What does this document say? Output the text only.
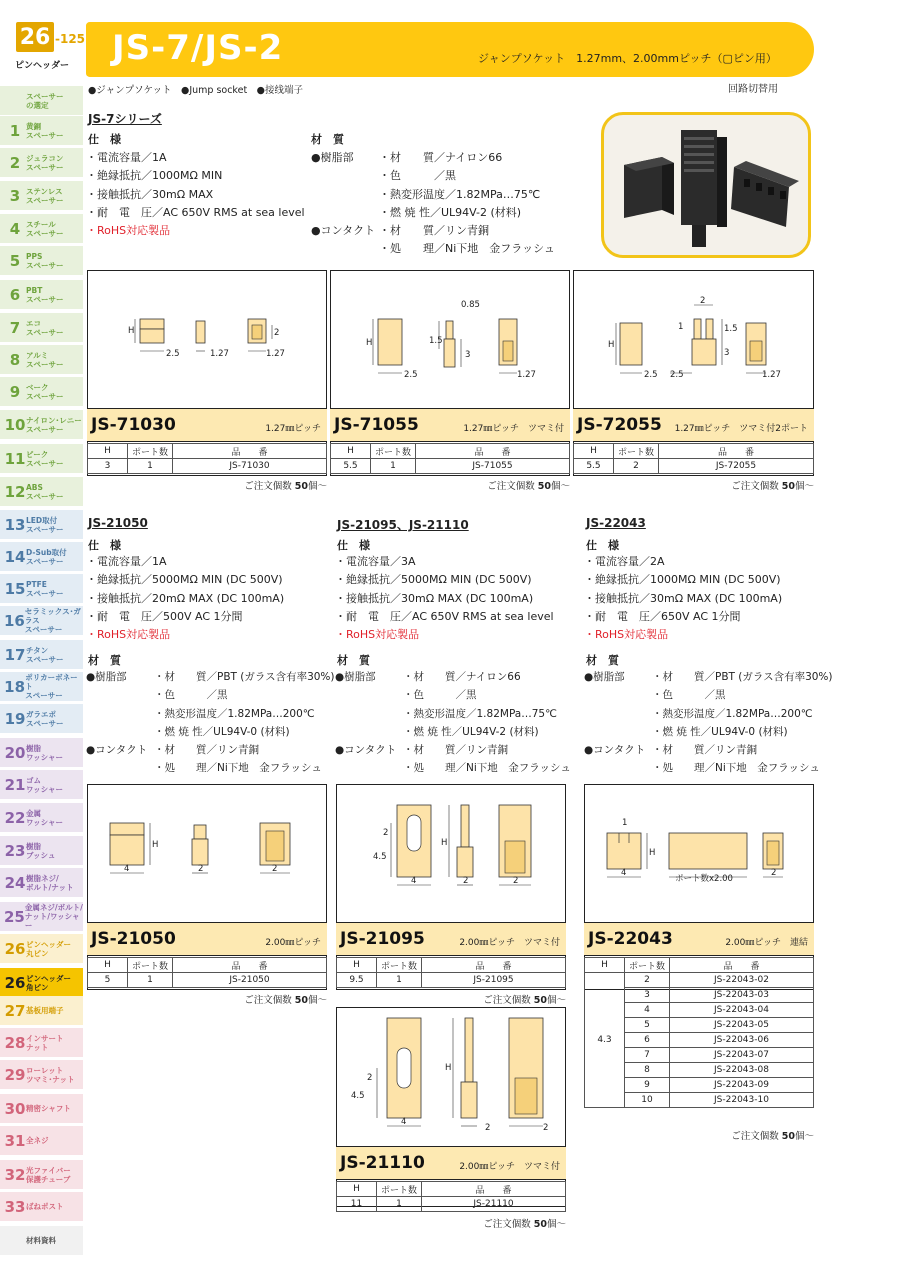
26 -125
ピンヘッダー
スペーサー
の選定
1 黄銅
スペーサー
2 ジュラコン
スペーサー
3 ステンレス
スペーサー
4 スチール
スペーサー
5 PPS
スペーサー
6 PBT
スペーサー
7 エコ
スペーサー
8 アルミ
スペーサー
9 ベーク
スペーサー
10 ナイロン･レニー
スペーサー
11 ピーク
スペーサー
12 ABS
スペーサー
13 LED取付
スペーサー
14 D-Sub取付
スペーサー
15 PTFE
スペーサー
16 セラミックス･ガラス
スペーサー
17 チタン
スペーサー
18 ポリカーボネート
スペーサー
19 ガラエポ
スペーサー
20 樹脂
ワッシャー
21 ゴム
ワッシャー
22 金属
ワッシャー
23 樹脂
ブッシュ
24 樹脂ネジ/
ボルト/ナット
25 金属ネジ/ボルト/
ナット/ワッシャー
26 ピンヘッダー
丸ピン
26 ピンヘッダー
角ピン
27 基板用端子
28 インサート
ナット
29 ローレット
ツマミ･ナット
30 精密シャフト
31 全ネジ
32 光ファイバー
保護チューブ
33 ばねポスト
材料資料
JS-7/JS-2	ジャンプソケット　1.27mm、2.00mmピッチ（▢ピン用）
●ジャンプソケット　●Jump socket　●接线端子	回路切替用
JS-7シリーズ
仕　様	材　質
・電流容量／1A
・絶縁抵抗／1000MΩ MIN
・接触抵抗／30mΩ MAX
・耐　電　圧／AC 650V RMS at sea level
・RoHS対応製品
●樹脂部	・材　　質／ナイロン66
・色　　　／黒
・熱変形温度／1.82MPa…75℃
・燃 焼 性／UL94V-2 (材料)
●コンタクト ・材　　質／リン青銅
・処　　理／Ni下地　金フラッシュ
H
2.5	1.27
2
1.27
H
2.5
0.85
1.5
3
1.27
H
2.5
2
1	1.5
3
2.5	1.27
JS-71030	1.27㎜ピッチ JS-71055	1.27㎜ピッチ　ツマミ付 JS-72055 1.27㎜ピッチ　ツマミ付2ポート
H	ポート数	品　　番
3	1	JS-71030
H	ポート数	品　　番
5.5	1	JS-71055
H	ポート数	品　　番
5.5	2	JS-72055
ご注文個数 50個～	ご注文個数 50個～	ご注文個数 50個～
JS-21050
仕　様
・電流容量／1A
・絶縁抵抗／5000MΩ MIN (DC 500V)
・接触抵抗／20mΩ MAX (DC 100mA)
・耐　電　圧／500V AC 1分間
・RoHS対応製品
材　質
●樹脂部	・材　　質／PBT (ガラス含有率30%)
・色　　　／黒
・熱変形温度／1.82MPa…200℃
・燃 焼 性／UL94V-0 (材料)
●コンタクト ・材　　質／リン青銅
・処　　理／Ni下地　金フラッシュ
JS-21095、JS-21110
仕　様
・電流容量／3A
・絶縁抵抗／5000MΩ MIN (DC 500V)
・接触抵抗／30mΩ MAX (DC 100mA)
・耐　電　圧／AC 650V RMS at sea level
・RoHS対応製品
材　質
●樹脂部	・材　　質／ナイロン66
・色　　　／黒
・熱変形温度／1.82MPa…75℃
・燃 焼 性／UL94V-2 (材料)
●コンタクト ・材　　質／リン青銅
・処　　理／Ni下地　金フラッシュ
JS-22043
仕　様
・電流容量／2A
・絶縁抵抗／1000MΩ MIN (DC 500V)
・接触抵抗／30mΩ MAX (DC 100mA)
・耐　電　圧／650V AC 1分間
・RoHS対応製品
材　質
●樹脂部	・材　　質／PBT (ガラス含有率30%)
・色　　　／黒
・熱変形温度／1.82MPa…200℃
・燃 焼 性／UL94V-0 (材料)
●コンタクト ・材　　質／リン青銅
・処　　理／Ni下地　金フラッシュ
H
4	2	2
4.5
2
4
H
2	2
1
H
4
ポート数x2.00
2
JS-21050	2.00㎜ピッチ JS-21095	2.00㎜ピッチ　ツマミ付 JS-22043	2.00㎜ピッチ　連結
H	ポート数	品　　番
5	1	JS-21050
H	ポート数	品　　番
9.5	1	JS-21095
H	ポート数	品　　番
4.3	2	JS-22043-02
	3	JS-22043-03
	4	JS-22043-04
	5	JS-22043-05
	6	JS-22043-06
	7	JS-22043-07
	8	JS-22043-08
	9	JS-22043-09
	10	JS-22043-10
ご注文個数 50個～	ご注文個数 50個～
ご注文個数 50個～
4.5
2
4
H
2	2
JS-21110	2.00㎜ピッチ　ツマミ付
H	ポート数	品　　番
11	1	JS-21110
ご注文個数 50個～
